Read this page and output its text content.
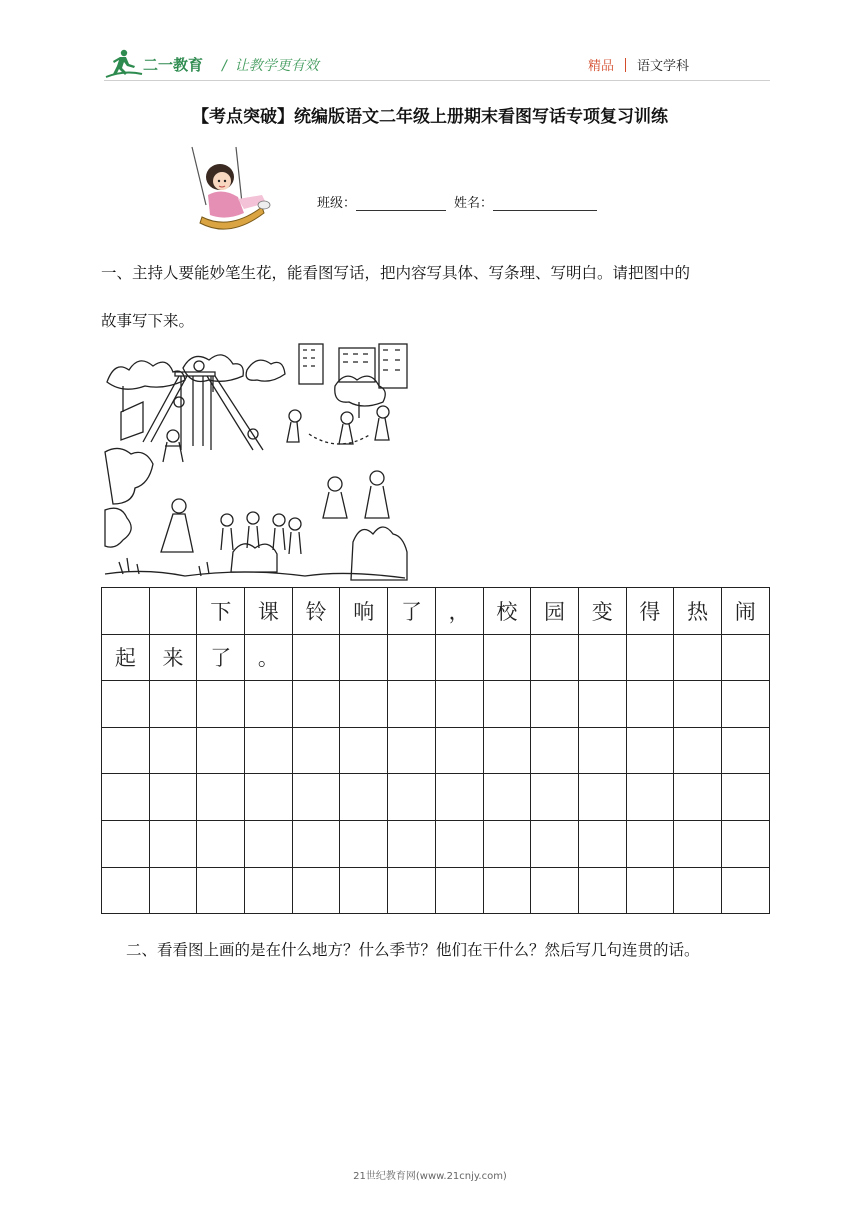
二一教育 / 让教学更有效	精品 语文学科
【考点突破】统编版语文二年级上册期末看图写话专项复习训练
班级：	姓名：
一、主持人要能妙笔生花，能看图写话，把内容写具体、写条理、写明白。请把图中的
故事写下来。
		下	课	铃	响	了	，	校	园	变	得	热	闹
起	来	了	。										

二、看看图上画的是在什么地方？什么季节？他们在干什么？然后写几句连贯的话。
21世纪教育网(www.21cnjy.com)
